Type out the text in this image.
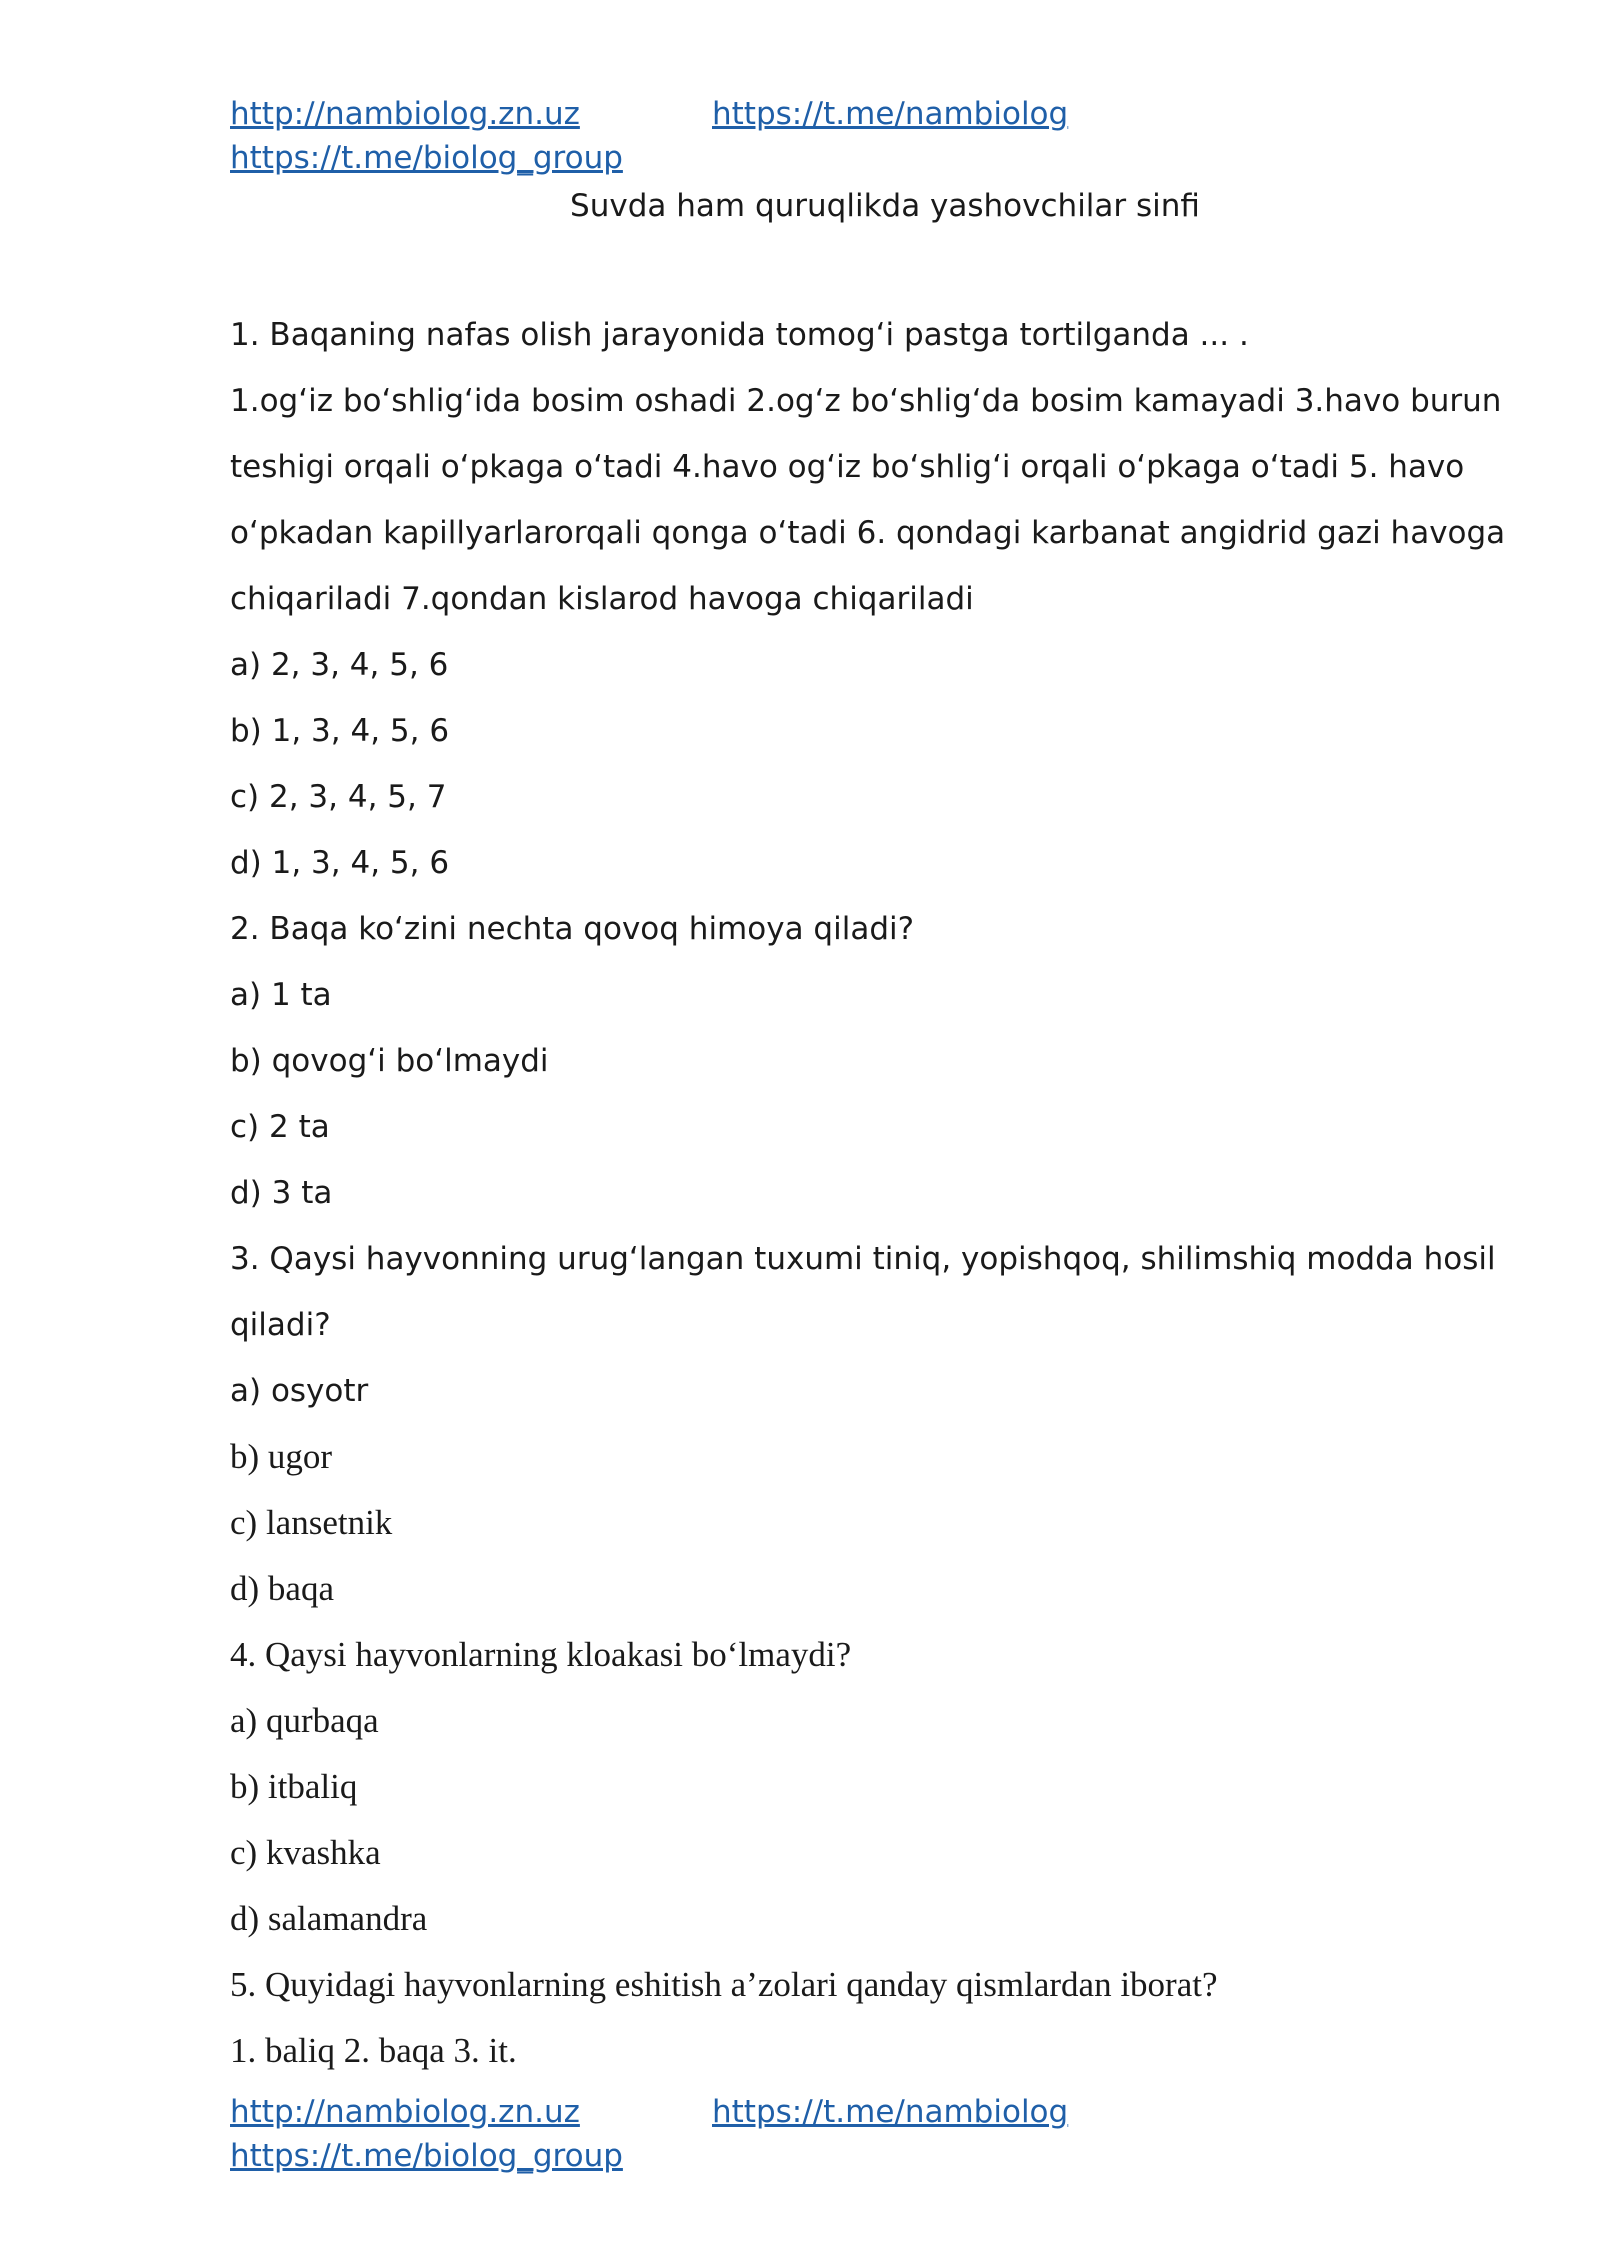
http://nambiolog.zn.uz	https://t.me/nambiolog
https://t.me/biolog_group
Suvda ham quruqlikda yashovchilar sinfi

1. Baqaning nafas olish jarayonida tomog‘i pastga tortilganda ... .

1.og‘iz bo‘shlig‘ida bosim oshadi 2.og‘z bo‘shlig‘da bosim kamayadi 3.havo burun

teshigi orqali o‘pkaga o‘tadi 4.havo og‘iz bo‘shlig‘i orqali o‘pkaga o‘tadi 5. havo

o‘pkadan kapillyarlarorqali qonga o‘tadi 6. qondagi karbanat angidrid gazi havoga

chiqariladi 7.qondan kislarod havoga chiqariladi

a) 2, 3, 4, 5, 6

b) 1, 3, 4, 5, 6

c) 2, 3, 4, 5, 7

d) 1, 3, 4, 5, 6

2. Baqa ko‘zini nechta qovoq himoya qiladi?

a) 1 ta

b) qovog‘i bo‘lmaydi

c) 2 ta

d) 3 ta

3. Qaysi hayvonning urug‘langan tuxumi tiniq, yopishqoq, shilimshiq modda hosil

qiladi?

a) osyotr

b) ugor

c) lansetnik

d) baqa

4. Qaysi hayvonlarning kloakasi bo‘lmaydi?

a) qurbaqa

b) itbaliq

c) kvashka

d) salamandra

5. Quyidagi hayvonlarning eshitish a’zolari qanday qismlardan iborat?

1. baliq 2. baqa 3. it.

http://nambiolog.zn.uz	https://t.me/nambiolog
https://t.me/biolog_group
